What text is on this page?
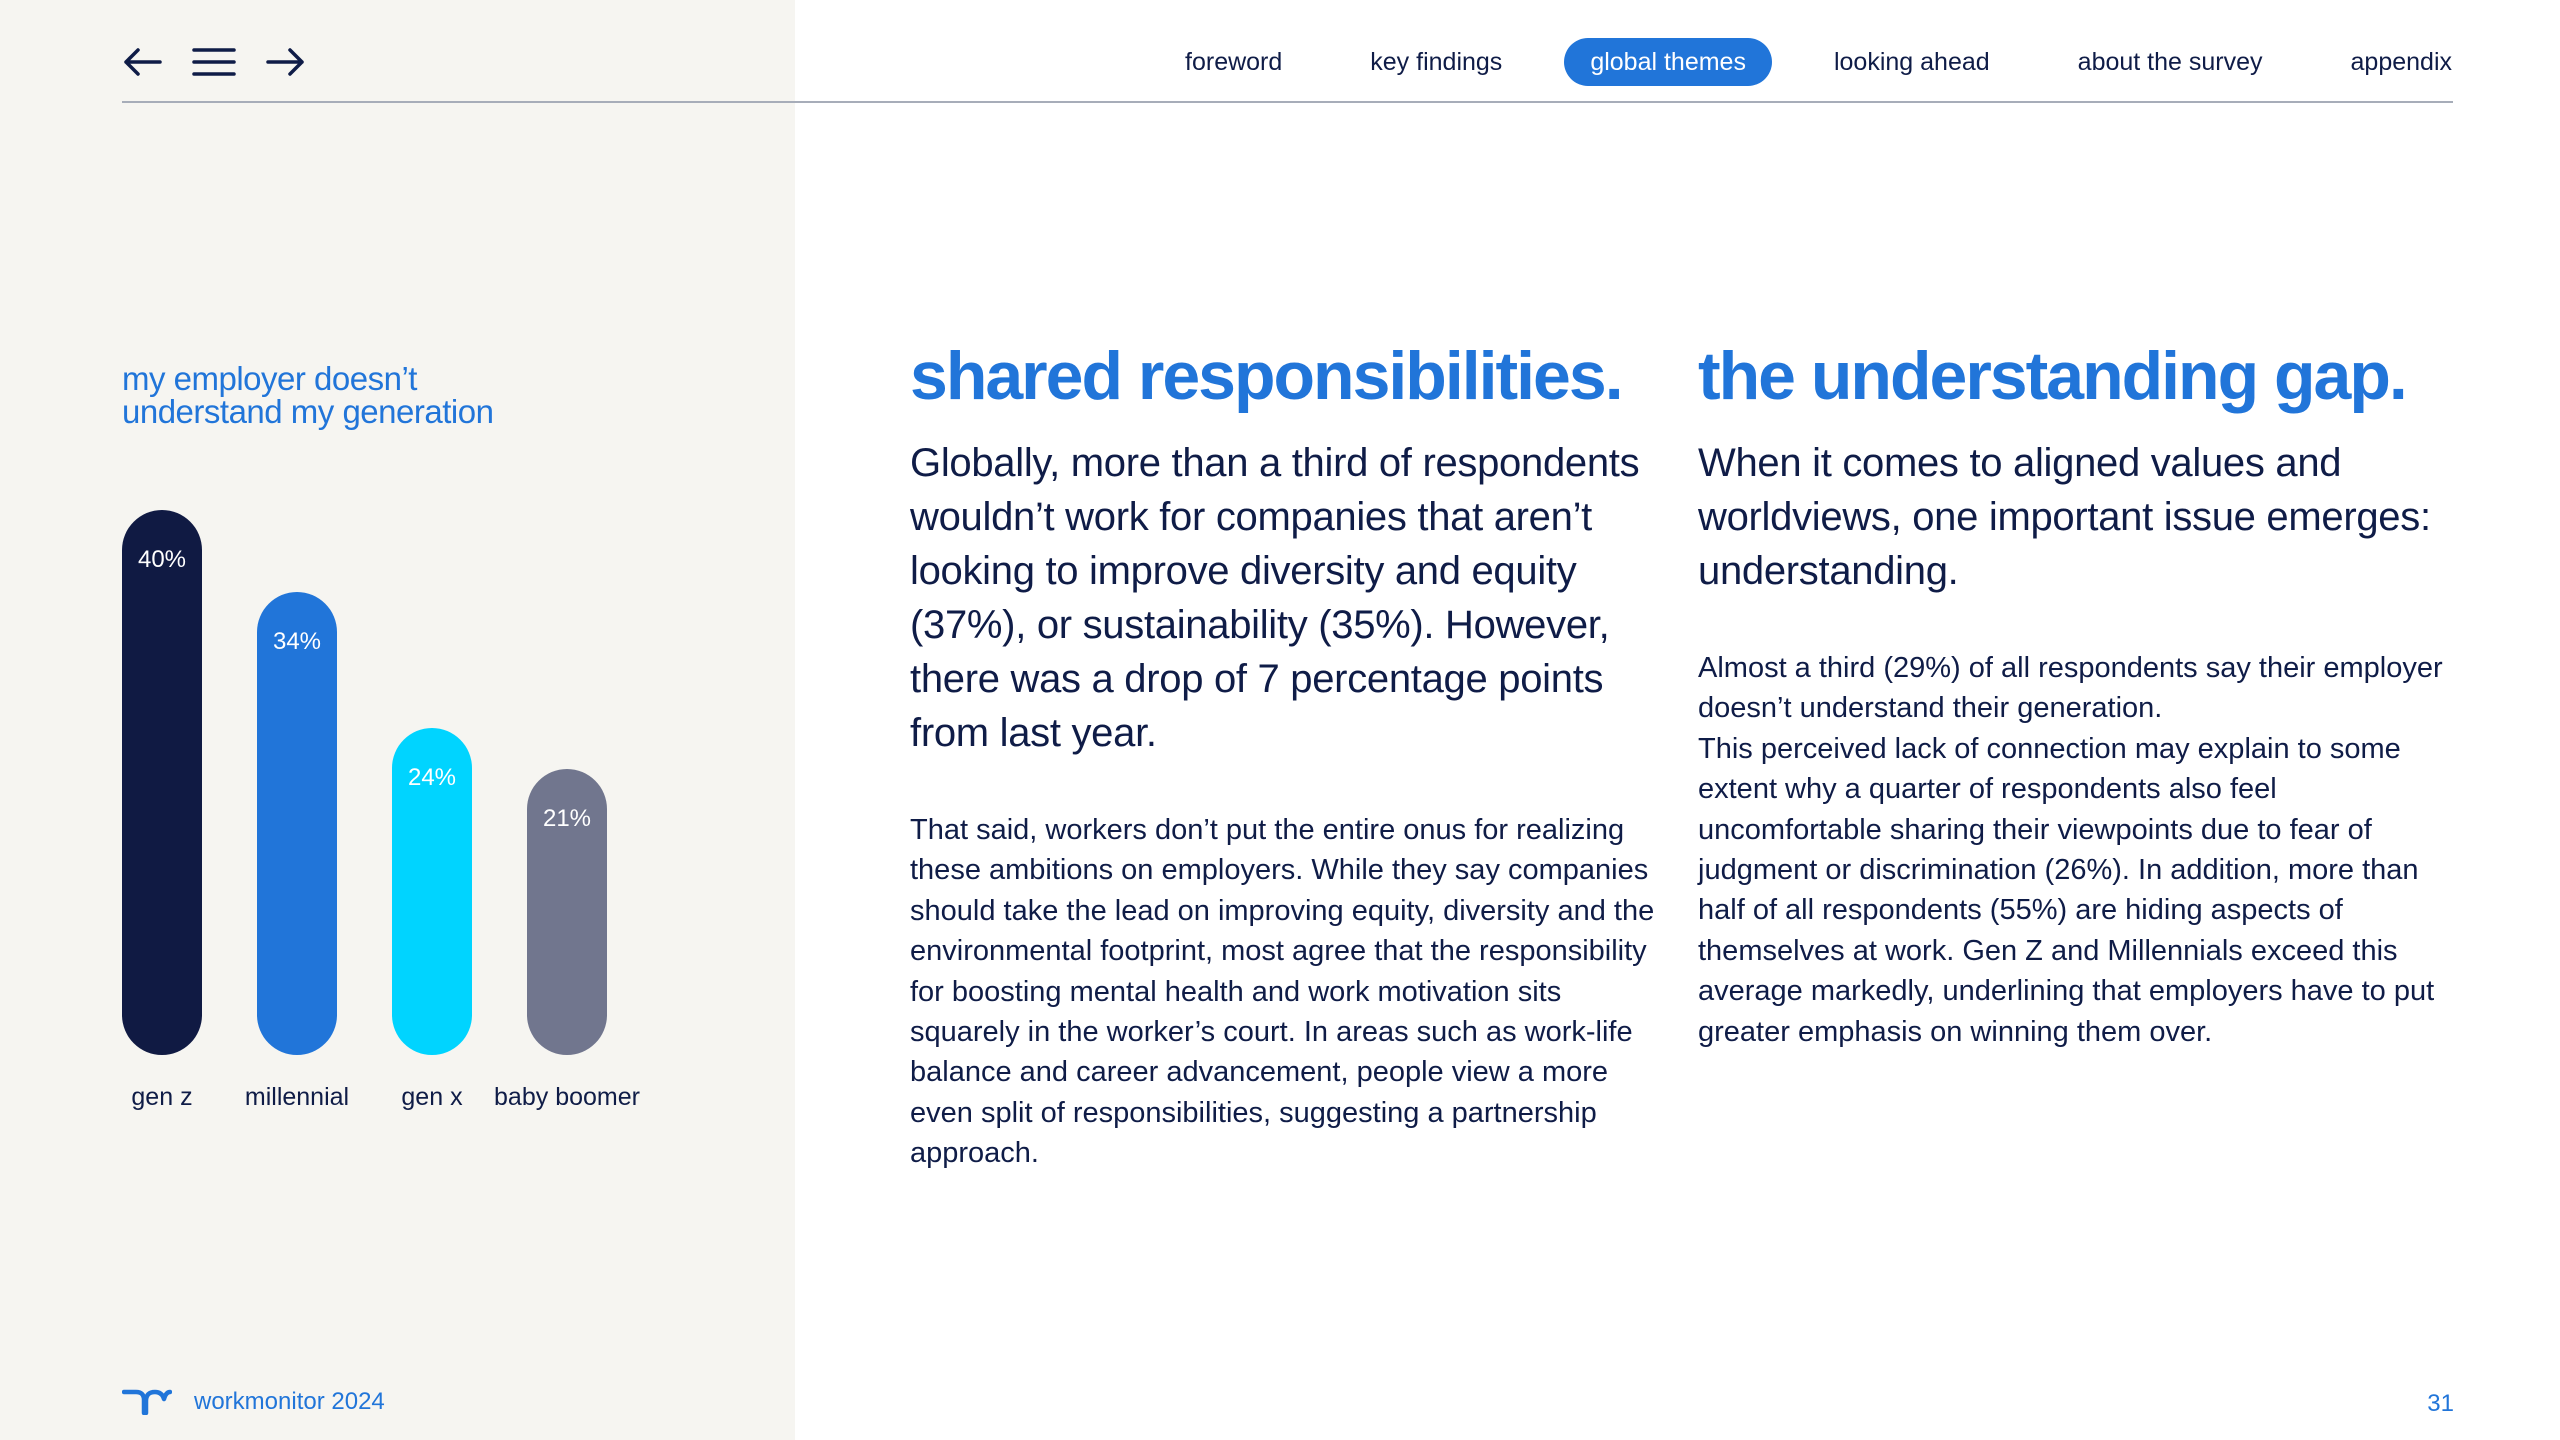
foreword	key findings	global themes	looking ahead	about the survey	appendix
my employer doesn’t
understand my generation
40%
gen z
34%
millennial
24%
gen x
21%
baby boomer
shared responsibilities.

Globally, more than a third of respondents wouldn’t work for companies that aren’t looking to improve diversity and equity (37%), or sustainability (35%). However, there was a drop of 7 percentage points from last year.

That said, workers don’t put the entire onus for realizing these ambitions on employers. While they say companies should take the lead on improving equity, diversity and the environmental footprint, most agree that the responsibility for boosting mental health and work motivation sits squarely in the worker’s court. In areas such as work-life balance and career advancement, people view a more even split of responsibilities, suggesting a partnership approach.

the understanding gap.

When it comes to aligned values and worldviews, one important issue emerges: understanding.

Almost a third (29%) of all respondents say their employer doesn’t understand their generation.
This perceived lack of connection may explain to some extent why a quarter of respondents also feel uncomfortable sharing their viewpoints due to fear of judgment or discrimination (26%). In addition, more than half of all respondents (55%) are hiding aspects of themselves at work. Gen Z and Millennials exceed this average markedly, underlining that employers have to put greater emphasis on winning them over.

workmonitor 2024	31
